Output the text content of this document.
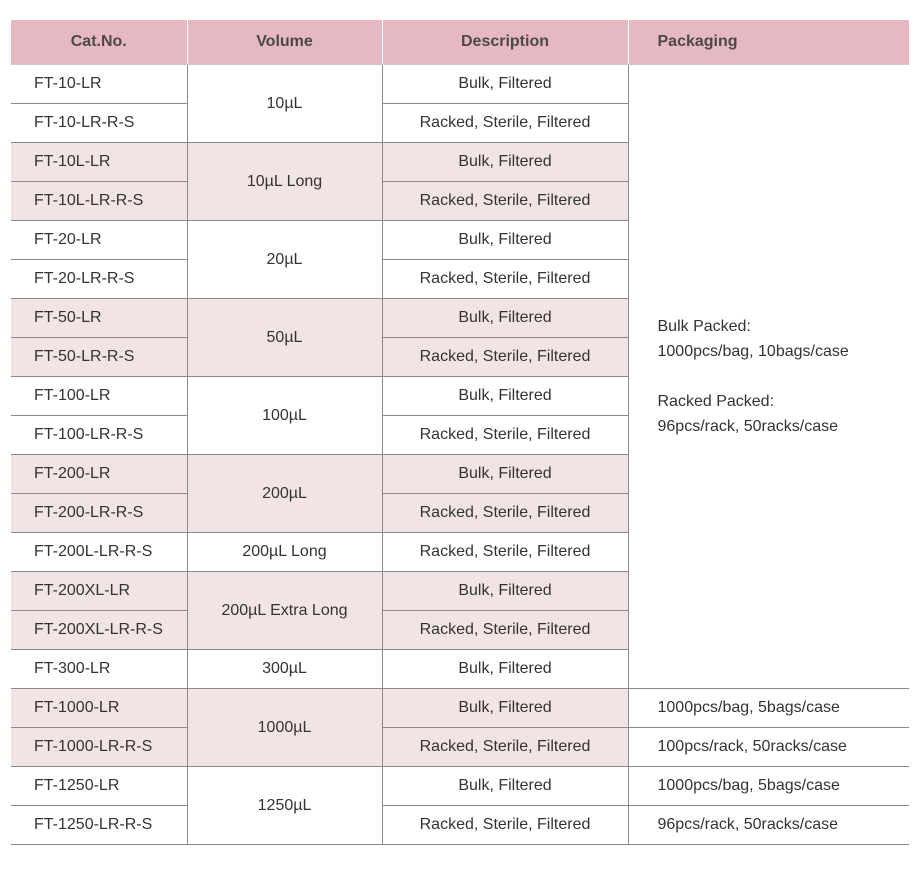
Cat.No.	Volume	Description	Packaging
FT-10-LR	10µL	Bulk, Filtered	Bulk Packed:
1000pcs/bag, 10bags/case
Racked Packed:
96pcs/rack, 50racks/case

FT-10-LR-R-S		Racked, Sterile, Filtered	
FT-10L-LR	10µL Long	Bulk, Filtered	
FT-10L-LR-R-S		Racked, Sterile, Filtered	
FT-20-LR	20µL	Bulk, Filtered	
FT-20-LR-R-S		Racked, Sterile, Filtered	
FT-50-LR	50µL	Bulk, Filtered	
FT-50-LR-R-S		Racked, Sterile, Filtered	
FT-100-LR	100µL	Bulk, Filtered	
FT-100-LR-R-S		Racked, Sterile, Filtered	
FT-200-LR	200µL	Bulk, Filtered	
FT-200-LR-R-S		Racked, Sterile, Filtered	
FT-200L-LR-R-S	200µL Long	Racked, Sterile, Filtered	
FT-200XL-LR	200µL Extra Long	Bulk, Filtered	
FT-200XL-LR-R-S		Racked, Sterile, Filtered	
FT-300-LR	300µL	Bulk, Filtered	
FT-1000-LR	1000µL	Bulk, Filtered	1000pcs/bag, 5bags/case
FT-1000-LR-R-S		Racked, Sterile, Filtered	100pcs/rack, 50racks/case
FT-1250-LR	1250µL	Bulk, Filtered	1000pcs/bag, 5bags/case
FT-1250-LR-R-S		Racked, Sterile, Filtered	96pcs/rack, 50racks/case
